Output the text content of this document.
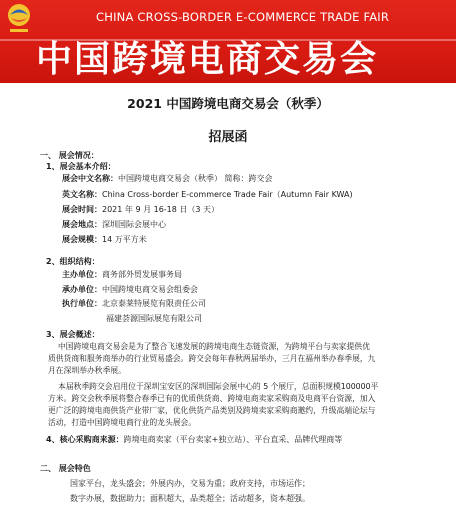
CHINA CROSS-BORDER E-COMMERCE TRADE FAIR
中国跨境电商交易会
2021 中国跨境电商交易会（秋季）
招展函
一、 展会情况：
1、展会基本介绍：
展会中文名称：中国跨境电商交易会（秋季） 简称：跨交会
英文名称：China Cross-border E-commerce Trade Fair（Autumn Fair KWA)
展会时间：2021 年 9 月 16-18 日（3 天）
展会地点：深圳国际会展中心
展会规模：14 万平方米
2、组织结构：
主办单位：商务部外贸发展事务局
承办单位：中国跨境电商交易会组委会
执行单位：北京泰莱特展览有限责任公司
福建荟源国际展览有限公司
3、展会概述：
中国跨境电商交易会是为了整合飞速发展的跨境电商生态链资源，为跨境平台与卖家提供优
质供货商和服务商举办的行业贸易盛会。跨交会每年春秋两届举办，三月在福州举办春季展，九
月在深圳举办秋季展。
本届秋季跨交会启用位于深圳宝安区的深圳国际会展中心的 5 个展厅，总面积规模100000平
方米。跨交会秋季展将整合春季已有的优质供货商、跨境电商卖家采购商及电商平台资源，加入
更广泛的跨境电商供货产业带厂家，优化供货产品类别及跨境卖家采购商邀约，升级高端论坛与
活动，打造中国跨境电商行业的龙头展会。
4、核心采购商来源：跨境电商卖家（平台卖家+独立站）、平台直采、品牌代理商等
二、 展会特色
国家平台，龙头盛会；外展内办，交易为重；政府支持，市场运作；
数字办展，数据助力；面积超大，品类超全；活动超多，资本超强。
